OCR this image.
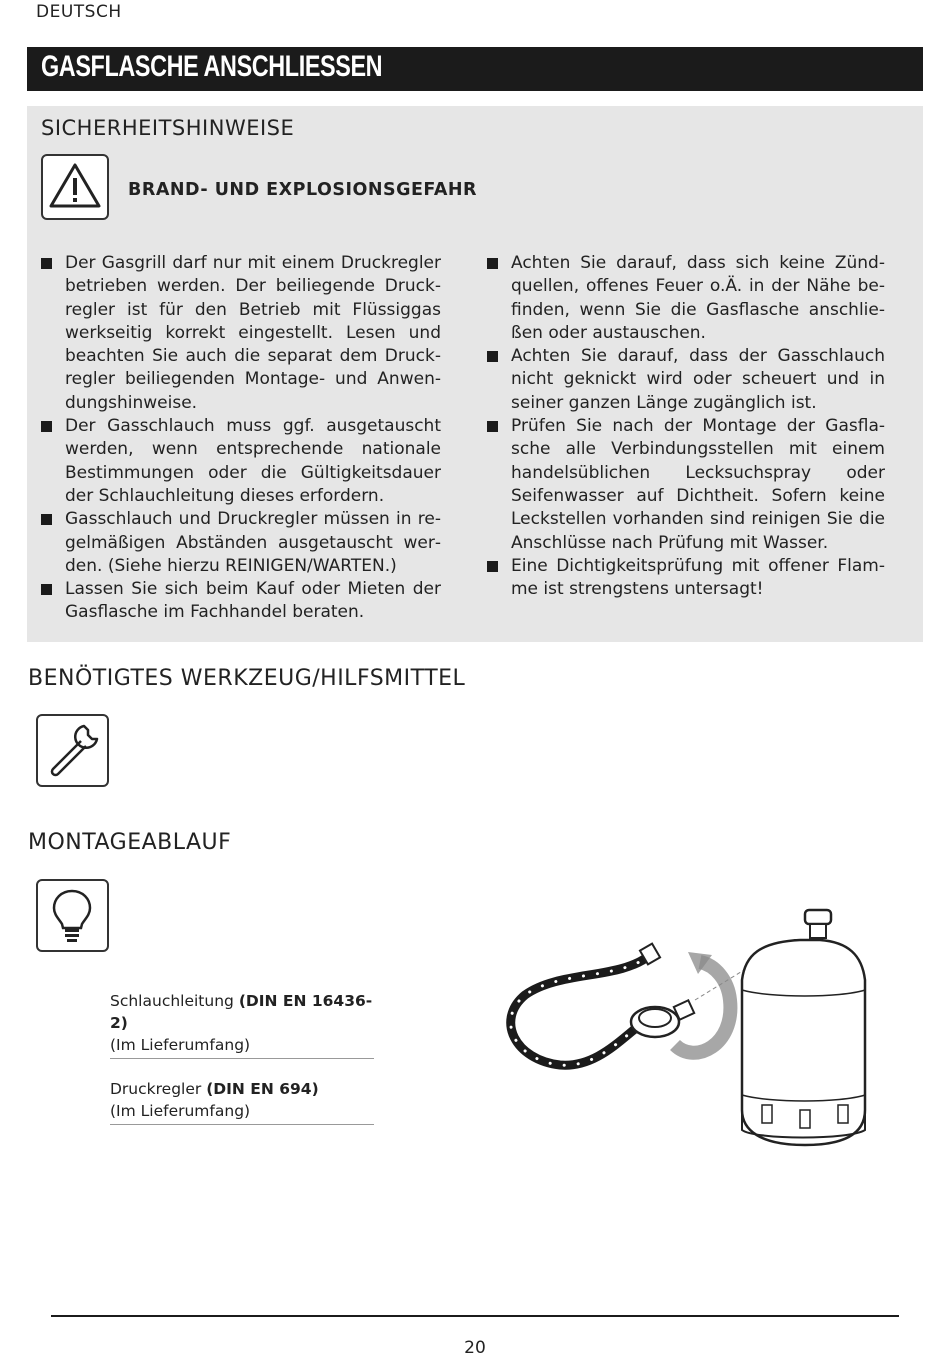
DEUTSCH
GASFLASCHE ANSCHLIESSEN
SICHERHEITSHINWEISE
BRAND- UND EXPLOSIONSGEFAHR
Der Gasgrill darf nur mit einem Druckregler betrieben werden. Der beiliegende Druckregler ist für den Betrieb mit Flüssiggas werkseitig korrekt eingestellt. Lesen und beachten Sie auch die separat dem Druckregler beiliegenden Montage- und Anwendungshinweise.
Der Gasschlauch muss ggf. ausgetauscht werden, wenn entsprechende nationale Bestimmungen oder die Gültigkeitsdauer der Schlauchleitung dieses erfordern.
Gasschlauch und Druckregler müssen in regelmäßigen Abständen ausgetauscht werden. (Siehe hierzu REINIGEN/WARTEN.)
Lassen Sie sich beim Kauf oder Mieten der Gasflasche im Fachhandel beraten.
Achten Sie darauf, dass sich keine Zündquellen, offenes Feuer o.Ä. in der Nähe befinden, wenn Sie die Gasflasche anschließen oder austauschen.
Achten Sie darauf, dass der Gasschlauch nicht geknickt wird oder scheuert und in seiner ganzen Länge zugänglich ist.
Prüfen Sie nach der Montage der Gasflasche alle Verbindungsstellen mit einem handelsüblichen Lecksuchspray oder Seifenwasser auf Dichtheit. Sofern keine Leckstellen vorhanden sind reinigen Sie die Anschlüsse nach Prüfung mit Wasser.
Eine Dichtigkeitsprüfung mit offener Flamme ist strengstens untersagt!
BENÖTIGTES WERKZEUG/HILFSMITTEL
MONTAGEABLAUF
Schlauchleitung (DIN EN 16436-2)
(Im Lieferumfang)
Druckregler (DIN EN 694)
(Im Lieferumfang)
20
